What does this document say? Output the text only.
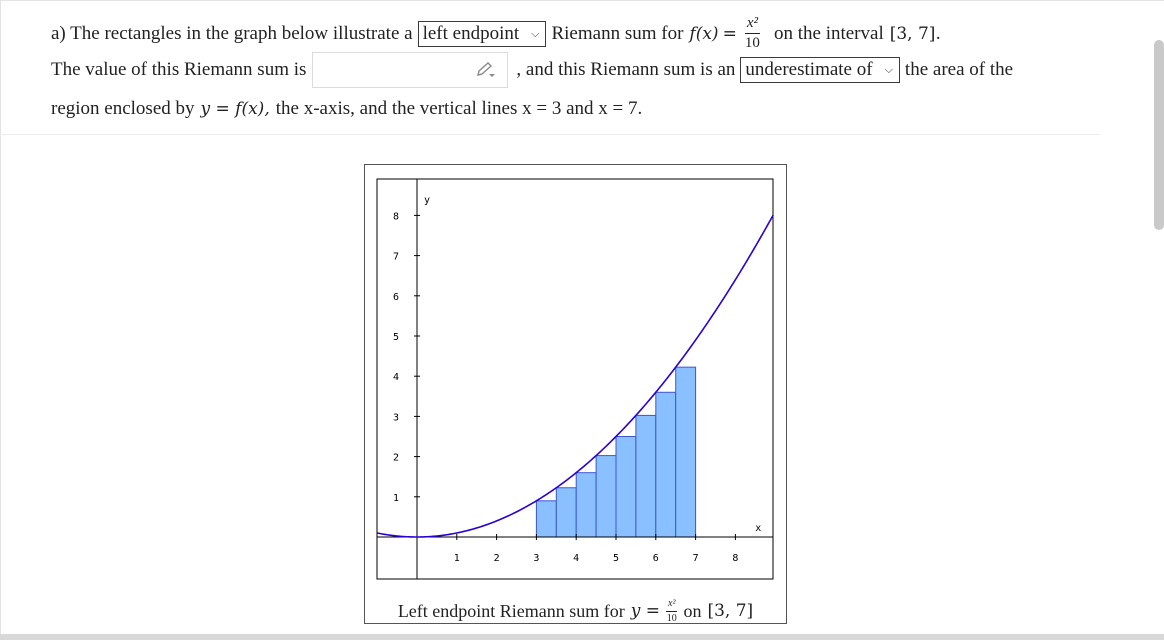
a) The rectangles in the graph below illustrate a left endpoint ⌵ Riemann sum for $f(x) = \frac{\text{x²}}{10}$ on the interval [3, 7].
The value of this Riemann sum is	, and this Riemann sum is an underestimate of ⌵ the area of the
region enclosed by y = f(x), the x-axis, and the vertical lines x = 3 and x = 7.
1	2	3	4	5	6	7	8
1
2
3
4
5
6
7
8
y
x
Left endpoint Riemann sum for $y = \frac{\text{x²}}{10}$ on [3, 7]
